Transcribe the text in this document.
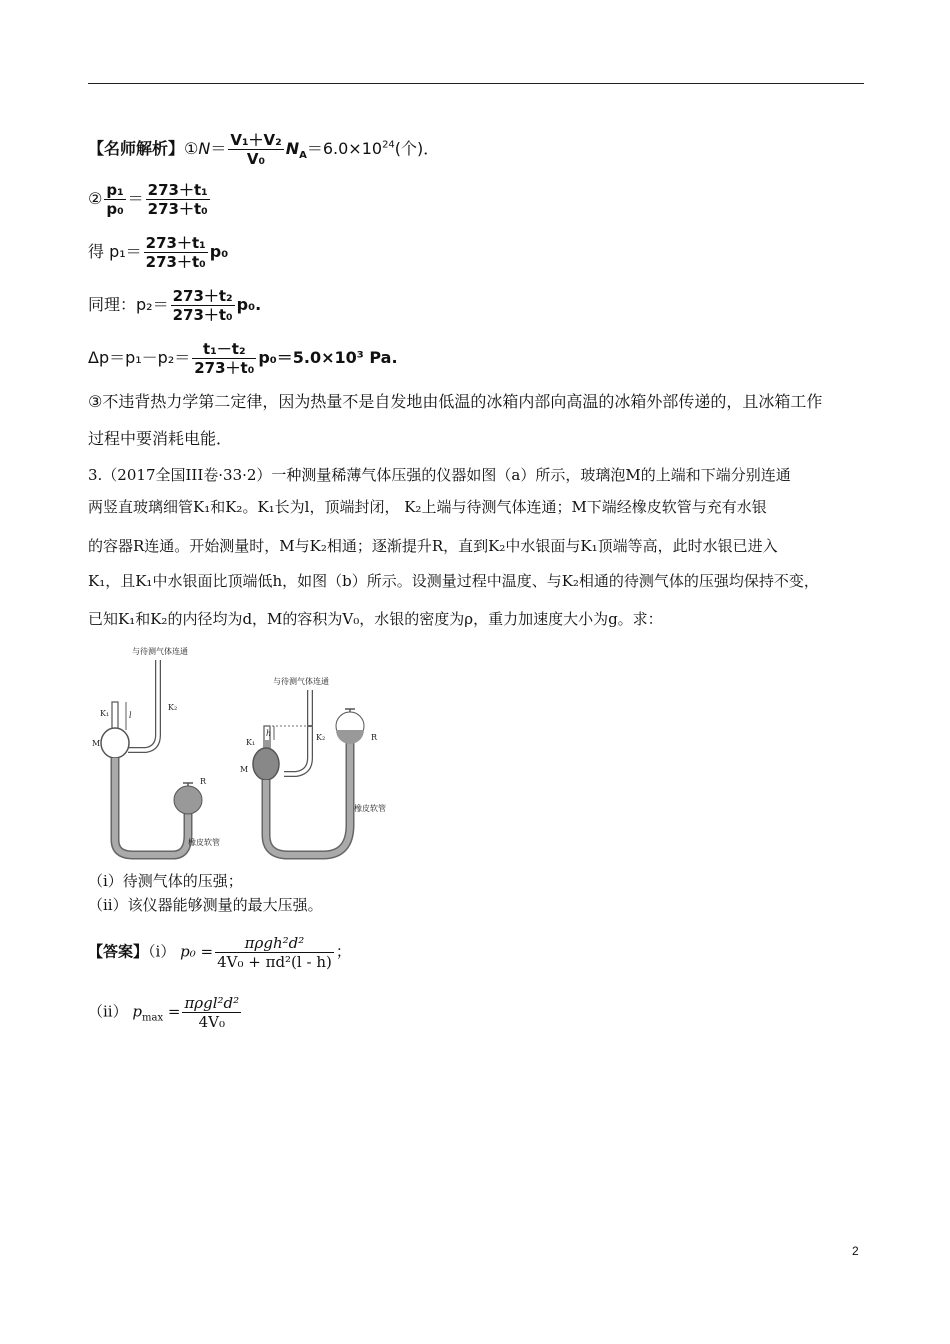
【名师解析】①N＝ $\frac{\text{V₁＋V₂}}{\text{V₀}} N_A=6.0\times 10^{24}$(个)．
② $\frac{\text{p₁}}{\text{p₀}} = \frac{\text{273＋t₁}}{\text{273＋t₀}}$
得 $p_1= \frac{\text{273＋t₁}}{\text{273＋t₀}} p_0$
同理：$p_2= \frac{\text{273＋t₂}}{\text{273＋t₀}} p_0$.
$\Delta p=p_1-p_2= \frac{\text{t₁－t₂}}{\text{273＋t₀}} p_0=5.0\times 10^3$ Pa.
③不违背热力学第二定律，因为热量不是自发地由低温的冰箱内部向高温的冰箱外部传递的，且冰箱工作
过程中要消耗电能．
3.（2017全国III卷·33·2）一种测量稀薄气体压强的仪器如图（a）所示，玻璃泡M的上端和下端分别连通
两竖直玻璃细管K₁和K₂。K₁长为l，顶端封闭， K₂上端与待测气体连通；M下端经橡皮软管与充有水银
的容器R连通。开始测量时，M与K₂相通；逐渐提升R，直到K₂中水银面与K₁顶端等高，此时水银已进入
K₁，且K₁中水银面比顶端低h，如图（b）所示。设测量过程中温度、与K₂相通的待测气体的压强均保持不变，
已知K₁和K₂的内径均为d，M的容积为V₀，水银的密度为ρ，重力加速度大小为g。求：
与待测气体连通
l
K₁
K₂
M
R
橡皮软管
与待测气体连通
h
K₁
K₂
M
R
橡皮软管
（i）待测气体的压强；
（ii）该仪器能够测量的最大压强。
【答案】（i） $p_0 = \frac{\text{πρgh²d²}}{\text{4V₀ + πd²(l - h)}}$ ；
（ii） $p_{max} = \frac{\text{πρgl²d²}}{\text{4V₀}}$
2
